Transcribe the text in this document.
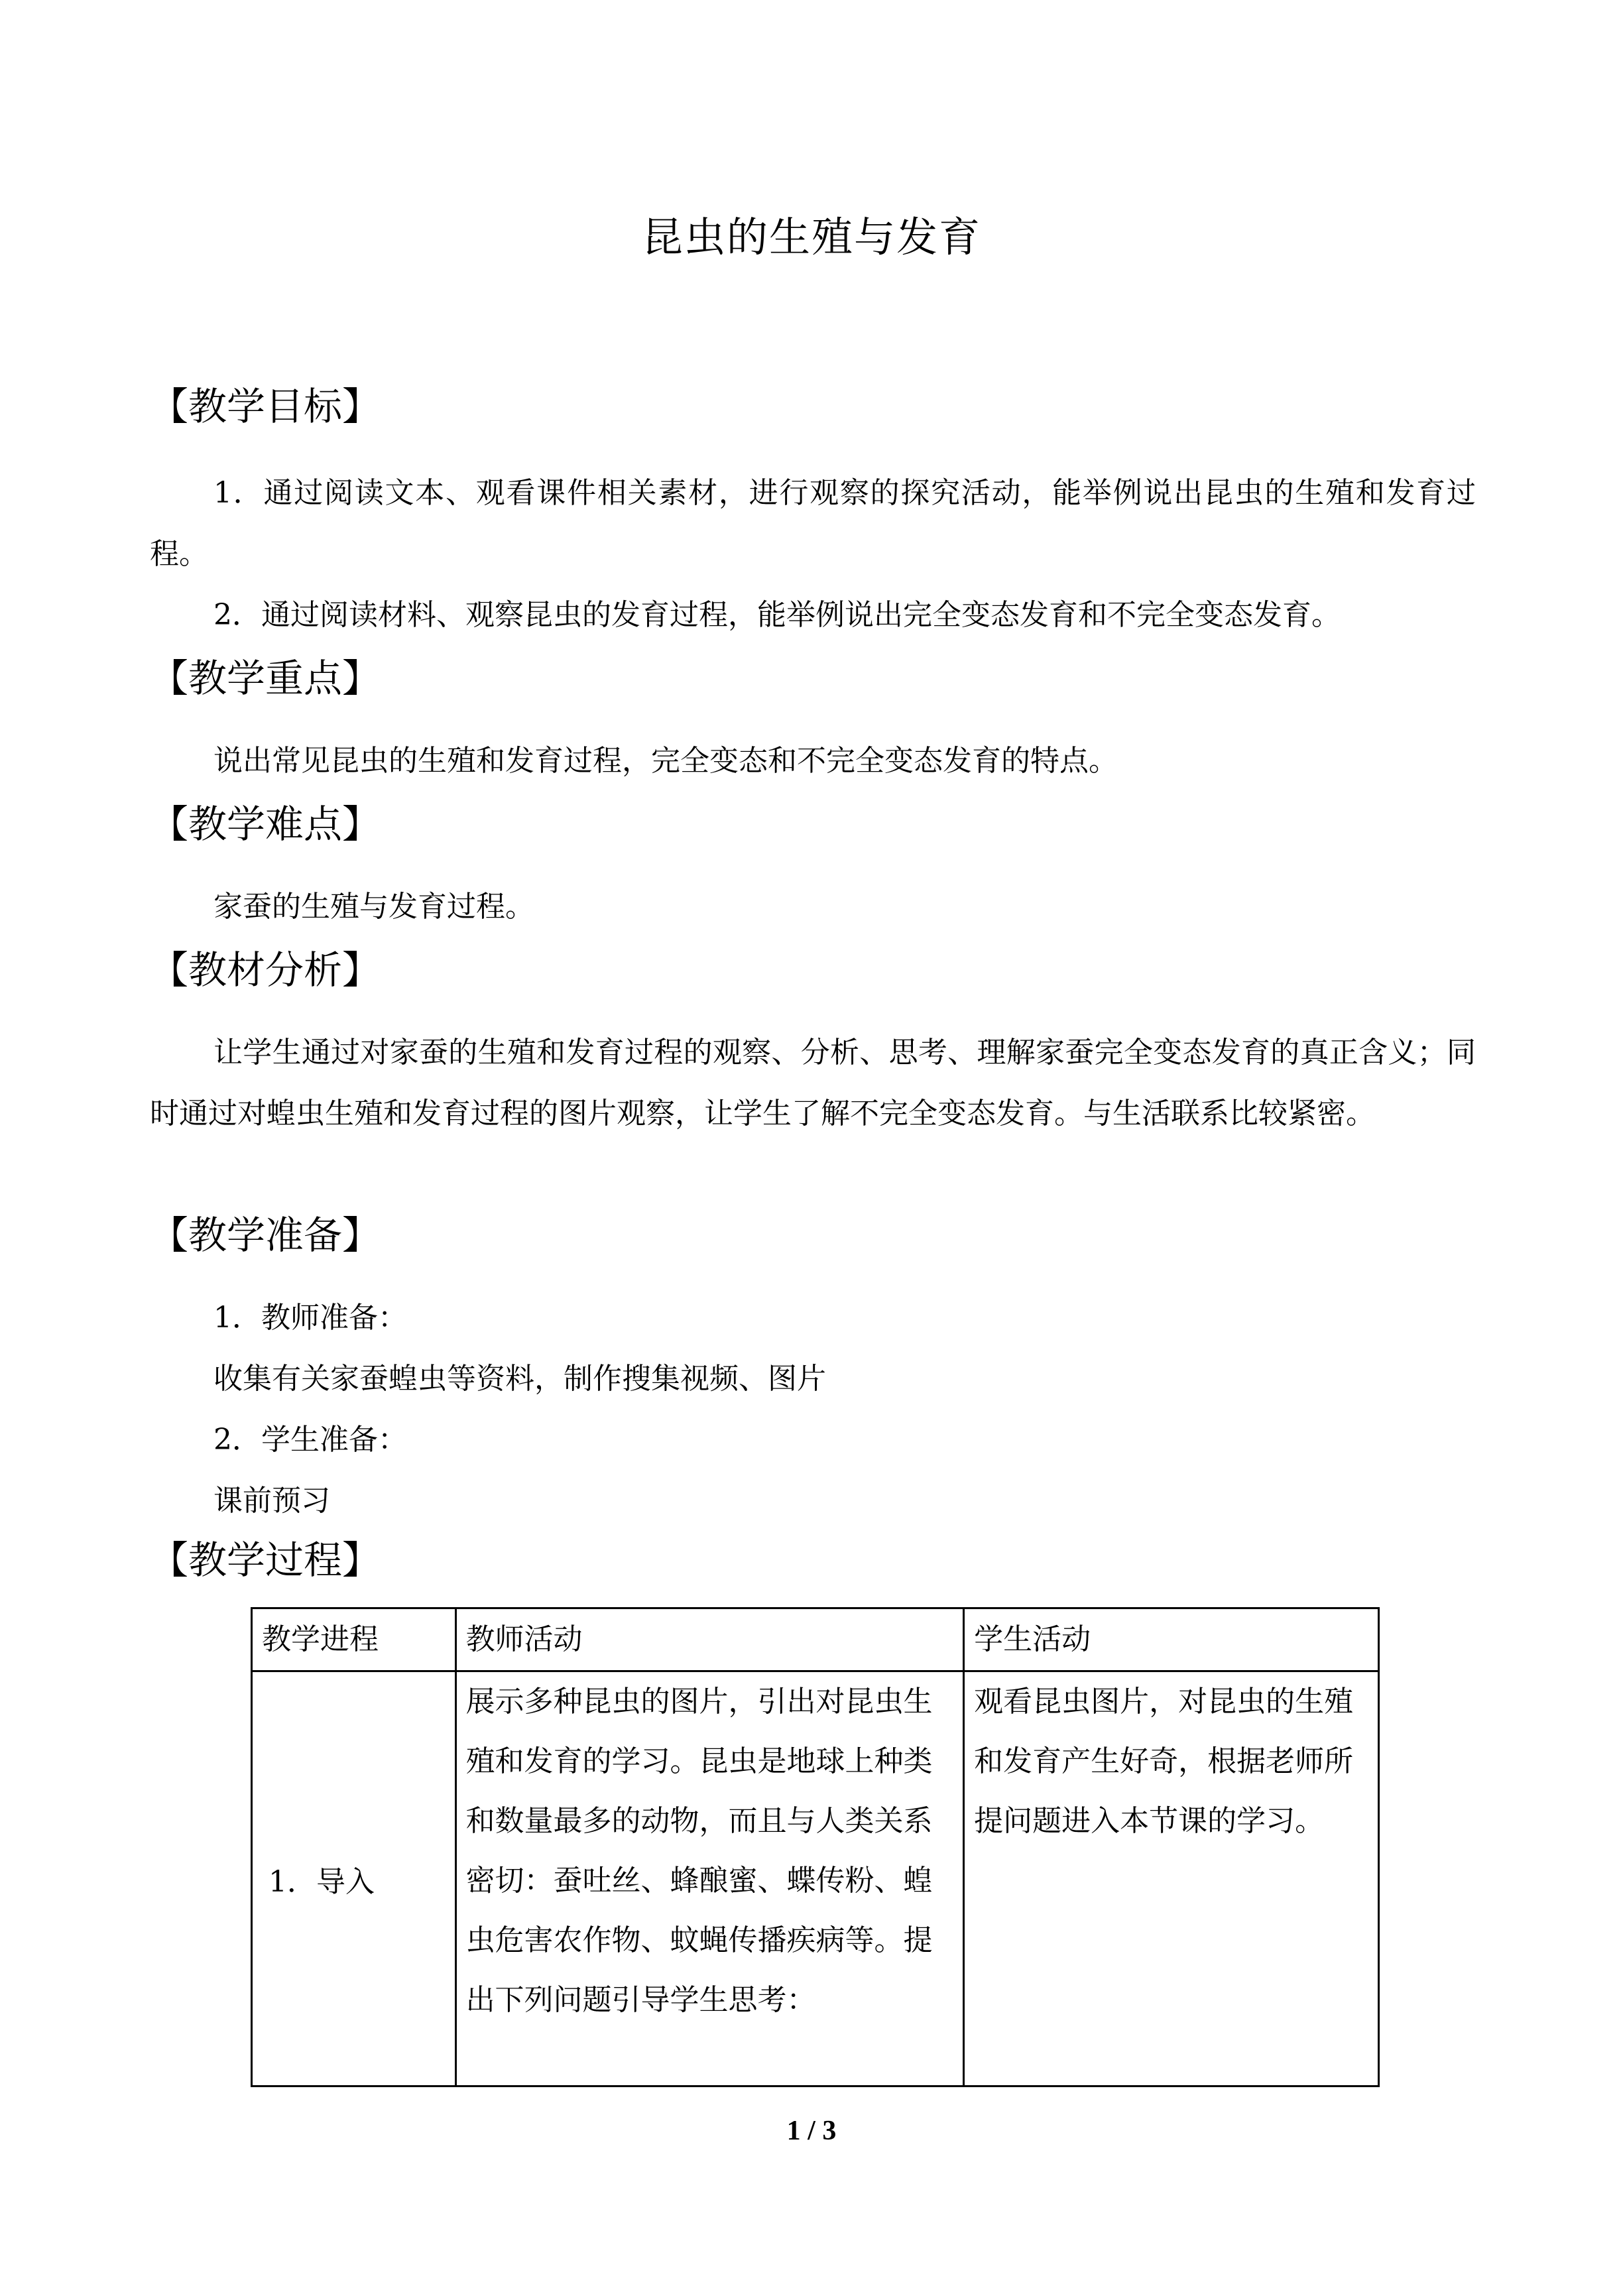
昆虫的生殖与发育
【教学目标】
1．通过阅读文本、观看课件相关素材，进行观察的探究活动，能举例说出昆虫的生殖和发育过程。
2．通过阅读材料、观察昆虫的发育过程，能举例说出完全变态发育和不完全变态发育。
【教学重点】
说出常见昆虫的生殖和发育过程，完全变态和不完全变态发育的特点。
【教学难点】
家蚕的生殖与发育过程。
【教材分析】
让学生通过对家蚕的生殖和发育过程的观察、分析、思考、理解家蚕完全变态发育的真正含义；同时通过对蝗虫生殖和发育过程的图片观察，让学生了解不完全变态发育。与生活联系比较紧密。
【教学准备】
1．教师准备：
收集有关家蚕蝗虫等资料，制作搜集视频、图片
2．学生准备：
课前预习
【教学过程】
教学进程	教师活动	学生活动
1．导入	展示多种昆虫的图片，引出对昆虫生殖和发育的学习。昆虫是地球上种类和数量最多的动物，而且与人类关系密切：蚕吐丝、蜂酿蜜、蝶传粉、蝗虫危害农作物、蚊蝇传播疾病等。提出下列问题引导学生思考：	观看昆虫图片，对昆虫的生殖和发育产生好奇，根据老师所提问题进入本节课的学习。
1 / 3
